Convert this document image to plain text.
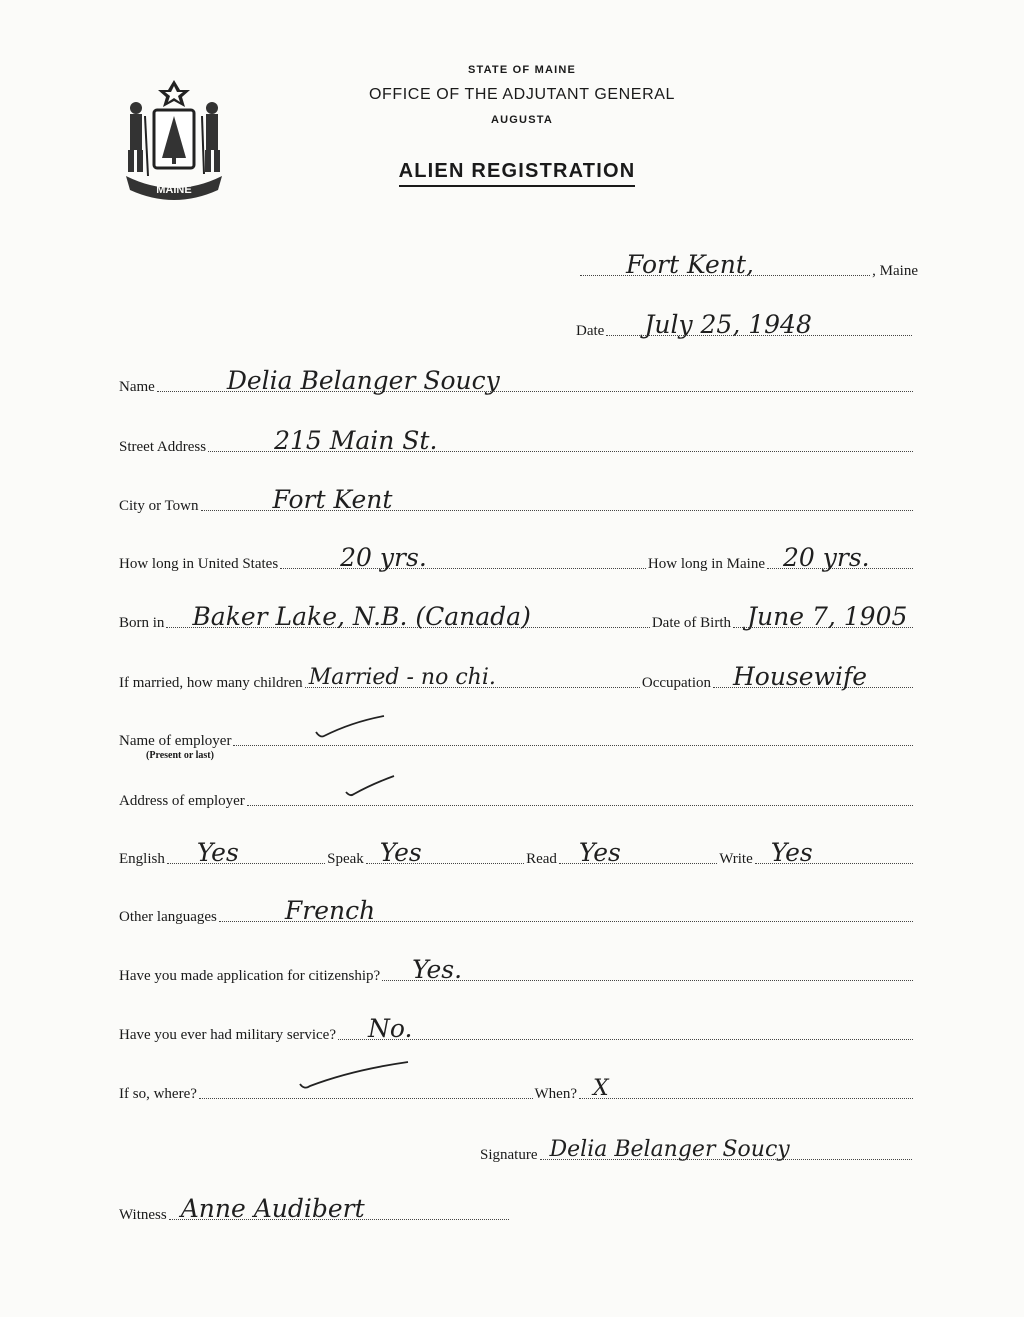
MAINE
STATE OF MAINE
OFFICE OF THE ADJUTANT GENERAL
AUGUSTA
ALIEN REGISTRATION
Fort Kent,	, Maine
Date July 25, 1948
Name	Delia Belanger Soucy
Street Address	215 Main St.
City or Town	Fort Kent
How long in United States 20 yrs.	How long in Maine 20 yrs.
Born in Baker Lake, N.B. (Canada)	Date of Birth June 7, 1905
If married, how many children Married - no chi.	Occupation Housewife
Name of employer
(Present or last)
Address of employer
English Yes	Speak Yes	Read Yes	Write Yes
Other languages	French
Have you made application for citizenship? Yes.
Have you ever had military service? No.
If so, where?	When? X
Signature Delia Belanger Soucy
Witness Anne Audibert
